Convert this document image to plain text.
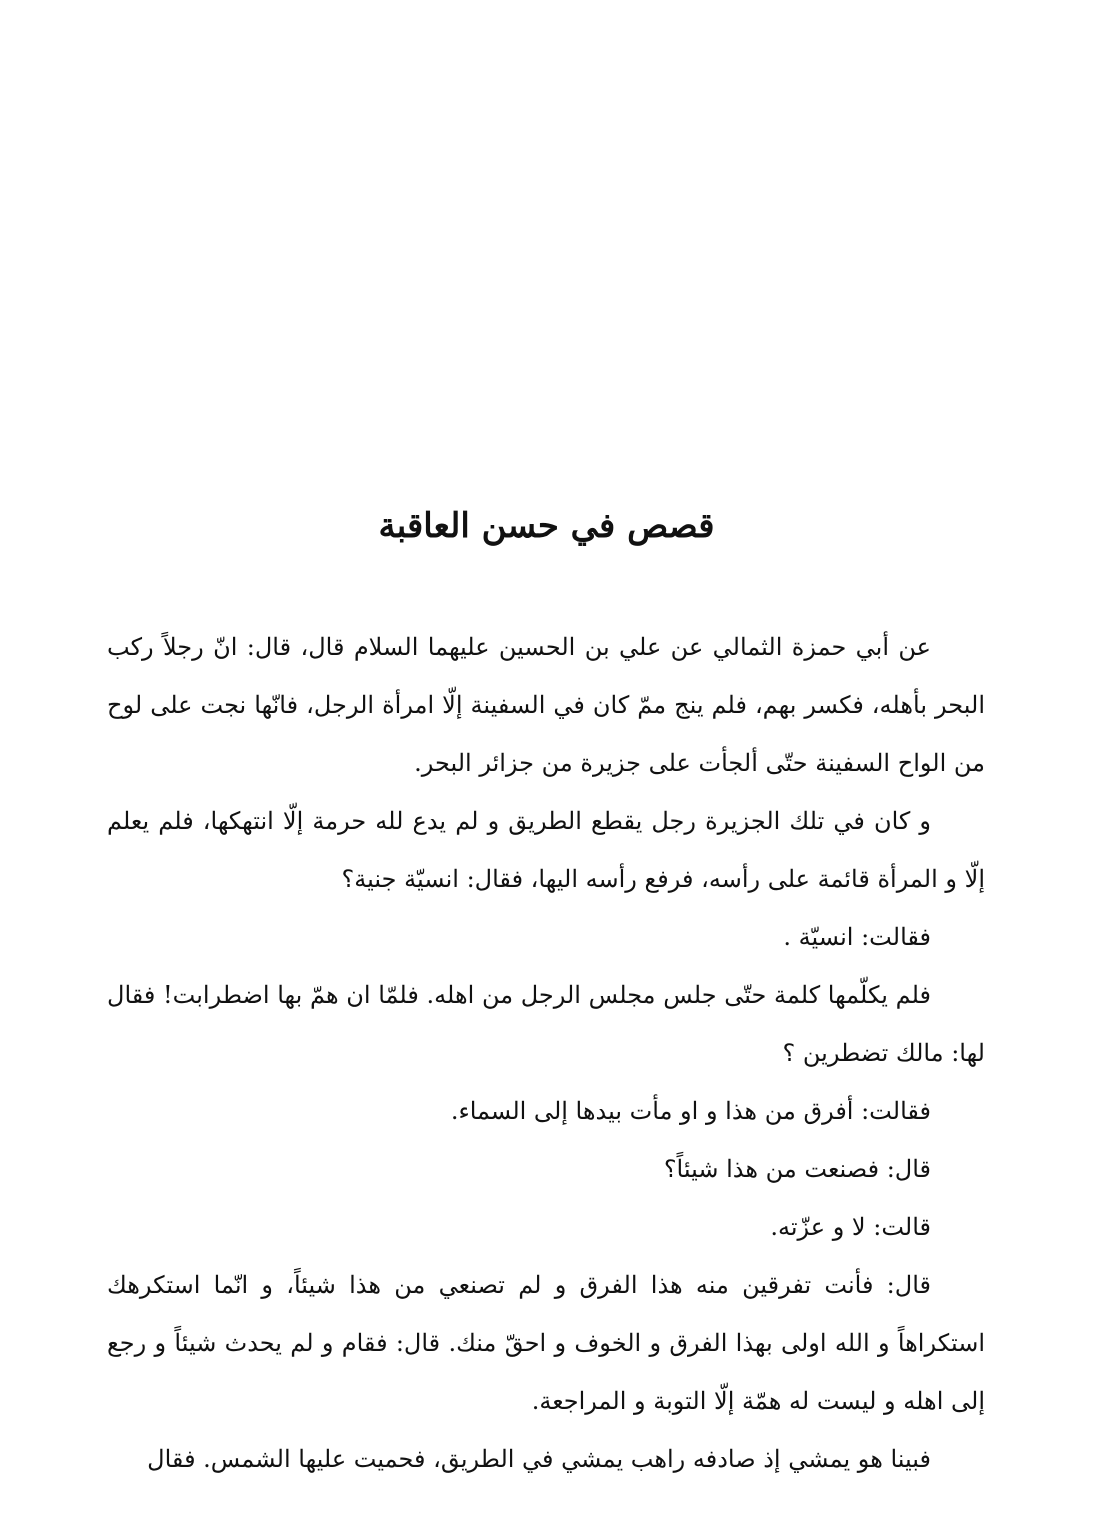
قصص في حسن العاقبة

عن أبي حمزة الثمالي عن علي بن الحسين عليهما السلام قال، قال: انّ رجلاً ركب البحر بأهله، فكسر بهم، فلم ينج ممّ كان في السفينة إلّا امرأة الرجل، فانّها نجت على لوح من الواح السفينة حتّى ألجأت على جزيرة من جزائر البحر.

و كان في تلك الجزيرة رجل يقطع الطريق و لم يدع لله حرمة إلّا انتهكها، فلم يعلم إلّا و المرأة قائمة على رأسه، فرفع رأسه اليها، فقال: انسيّة جنية؟

فقالت: انسيّة .

فلم يكلّمها كلمة حتّى جلس مجلس الرجل من اهله. فلمّا ان همّ بها اضطرابت! فقال لها: مالك تضطرين ؟

فقالت: أفرق من هذا و او مأت بيدها إلى السماء.

قال: فصنعت من هذا شيئاً؟

قالت: لا و عزّته.

قال: فأنت تفرقين منه هذا الفرق و لم تصنعي من هذا شيئاً، و انّما استكرهك استكراهاً و الله اولى بهذا الفرق و الخوف و احقّ منك. قال: فقام و لم يحدث شيئاً و رجع إلى اهله و ليست له همّة إلّا التوبة و المراجعة.

فبينا هو يمشي إذ صادفه راهب يمشي في الطريق، فحميت عليها الشمس. فقال
